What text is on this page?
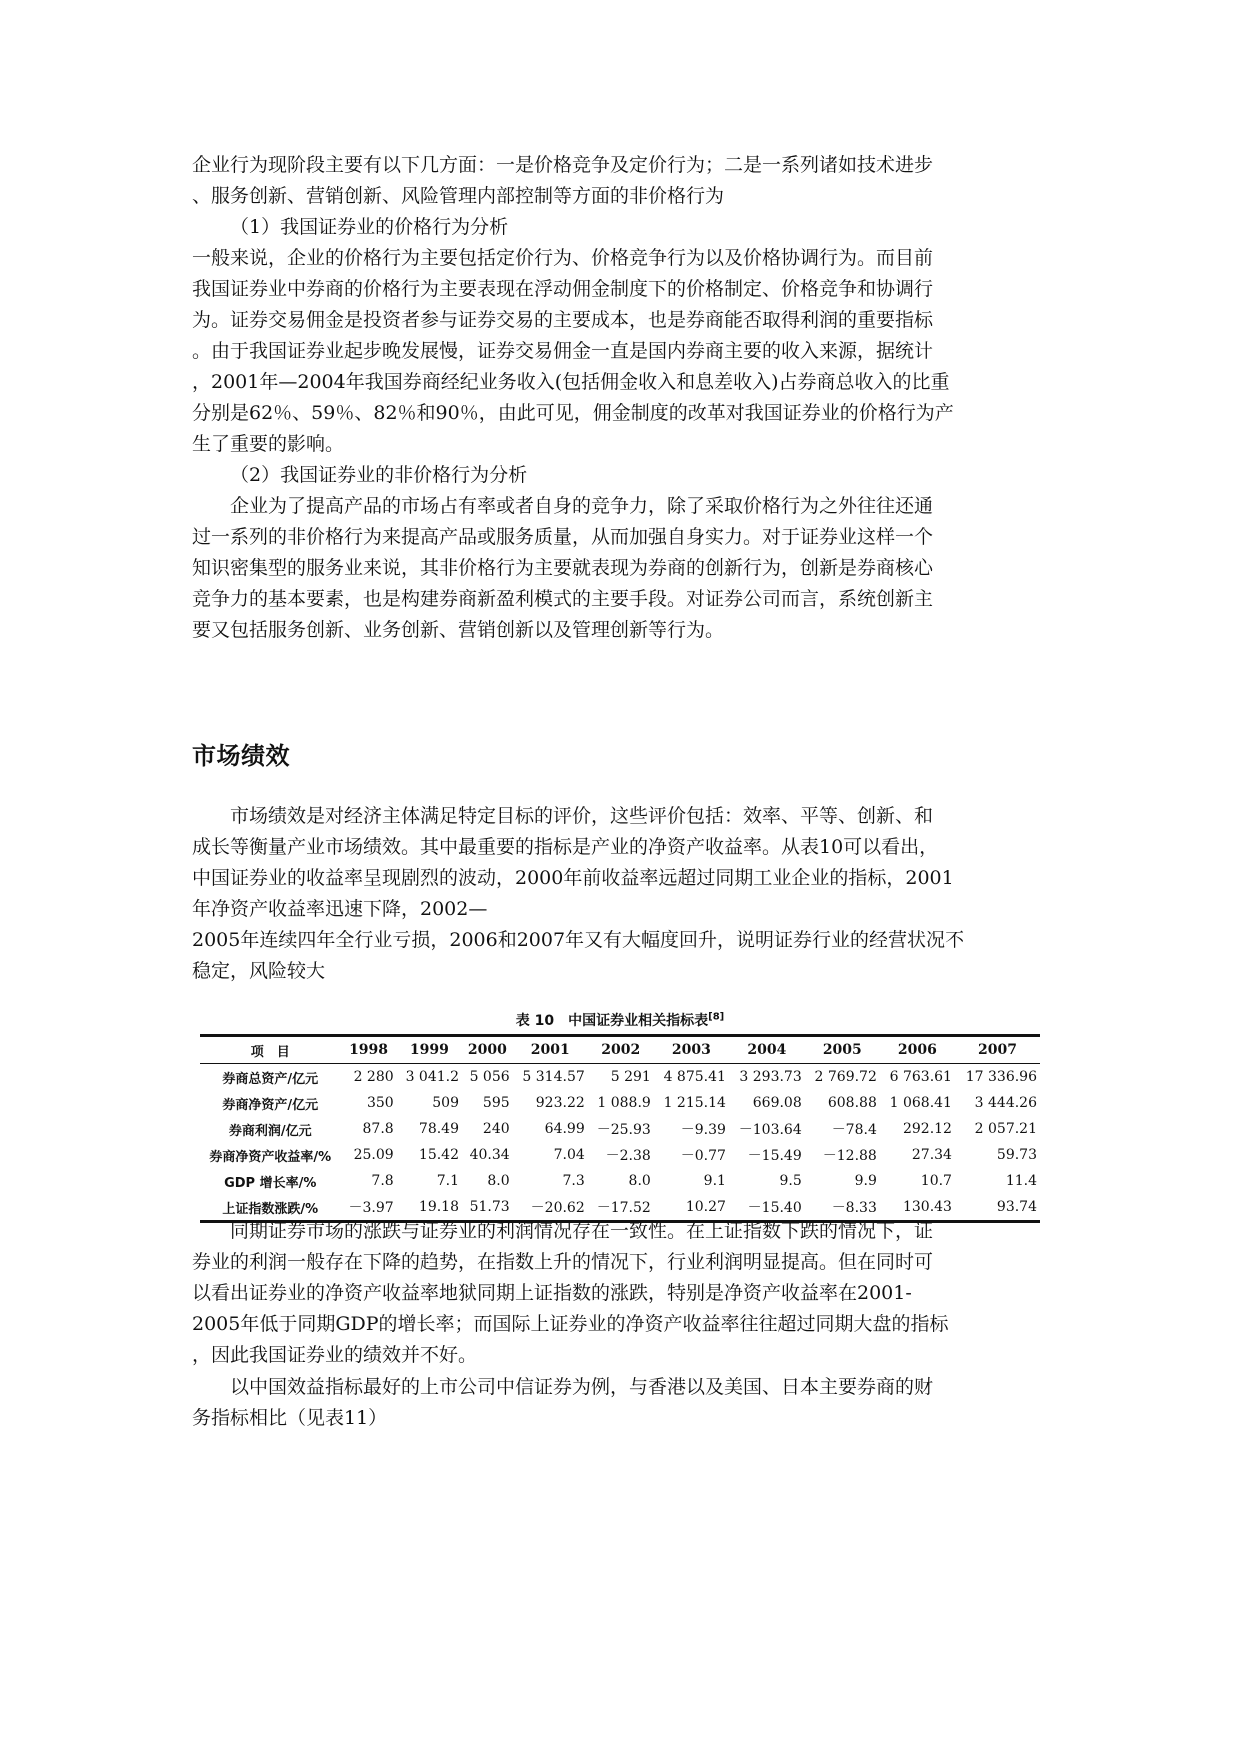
企业行为现阶段主要有以下几方面：一是价格竞争及定价行为；二是一系列诸如技术进步
、服务创新、营销创新、风险管理内部控制等方面的非价格行为
（1）我国证券业的价格行为分析
一般来说，企业的价格行为主要包括定价行为、价格竞争行为以及价格协调行为。而目前
我国证券业中券商的价格行为主要表现在浮动佣金制度下的价格制定、价格竞争和协调行
为。证券交易佣金是投资者参与证券交易的主要成本，也是券商能否取得利润的重要指标
。由于我国证券业起步晚发展慢，证券交易佣金一直是国内券商主要的收入来源，据统计
，2001年—2004年我国券商经纪业务收入(包括佣金收入和息差收入)占券商总收入的比重
分别是62％、59％、82％和90％，由此可见，佣金制度的改革对我国证券业的价格行为产
生了重要的影响。
（2）我国证券业的非价格行为分析
企业为了提高产品的市场占有率或者自身的竞争力，除了采取价格行为之外往往还通
过一系列的非价格行为来提高产品或服务质量，从而加强自身实力。对于证券业这样一个
知识密集型的服务业来说，其非价格行为主要就表现为券商的创新行为，创新是券商核心
竞争力的基本要素，也是构建券商新盈利模式的主要手段。对证券公司而言，系统创新主
要又包括服务创新、业务创新、营销创新以及管理创新等行为。
市场绩效
市场绩效是对经济主体满足特定目标的评价，这些评价包括：效率、平等、创新、和
成长等衡量产业市场绩效。其中最重要的指标是产业的净资产收益率。从表10可以看出，
中国证券业的收益率呈现剧烈的波动，2000年前收益率远超过同期工业企业的指标，2001
年净资产收益率迅速下降，2002—
2005年连续四年全行业亏损，2006和2007年又有大幅度回升，说明证券行业的经营状况不
稳定，风险较大
表 10　中国证券业相关指标表[8]
项　目	1998	1999	2000	2001	2002	2003	2004	2005	2006	2007
券商总资产/亿元	2 280	3 041.2	5 056	5 314.57	5 291	4 875.41	3 293.73	2 769.72	6 763.61	17 336.96
券商净资产/亿元	350	509	595	923.22	1 088.9	1 215.14	669.08	608.88	1 068.41	3 444.26
券商利润/亿元	87.8	78.49	240	64.99	－25.93	－9.39	－103.64	－78.4	292.12	2 057.21
券商净资产收益率/%	25.09	15.42	40.34	7.04	－2.38	－0.77	－15.49	－12.88	27.34	59.73
GDP 增长率/%	7.8	7.1	8.0	7.3	8.0	9.1	9.5	9.9	10.7	11.4
上证指数涨跌/%	－3.97	19.18	51.73	－20.62	－17.52	10.27	－15.40	－8.33	130.43	93.74
同期证券市场的涨跌与证券业的利润情况存在一致性。在上证指数下跌的情况下，证
券业的利润一般存在下降的趋势，在指数上升的情况下，行业利润明显提高。但在同时可
以看出证券业的净资产收益率地狱同期上证指数的涨跌，特别是净资产收益率在2001-
2005年低于同期GDP的增长率；而国际上证券业的净资产收益率往往超过同期大盘的指标
，因此我国证券业的绩效并不好。
以中国效益指标最好的上市公司中信证券为例，与香港以及美国、日本主要券商的财
务指标相比（见表11）
